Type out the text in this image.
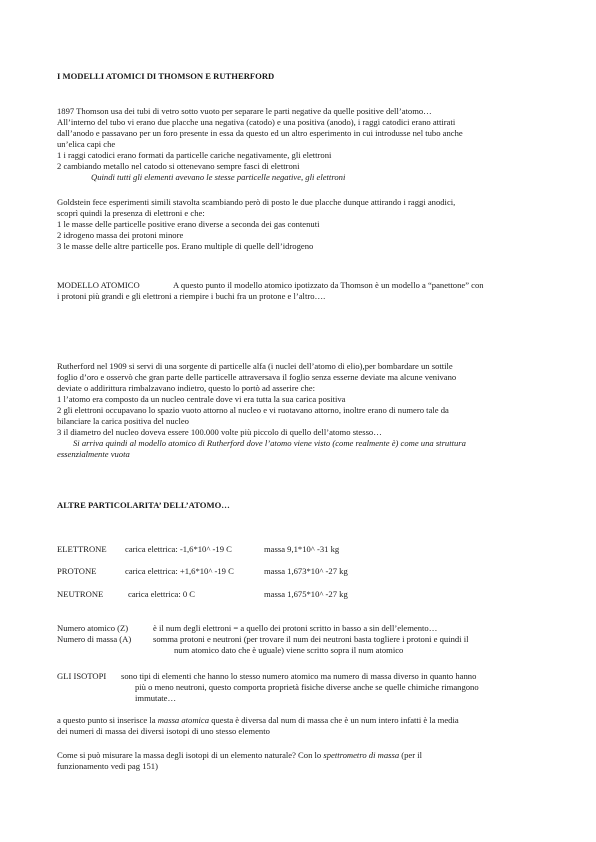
I MODELLI ATOMICI DI THOMSON E RUTHERFORD
1897 Thomson usa dei tubi di vetro sotto vuoto per separare le parti negative da quelle positive dell’atomo…
All’interno del tubo vi erano due placche una negativa (catodo) e una positiva (anodo), i raggi catodici erano attirati
dall’anodo e passavano per un foro presente in essa da questo ed un altro esperimento in cui introdusse nel tubo anche
un’elica capi che
1 i raggi catodici erano formati da particelle cariche negativamente, gli elettroni
2 cambiando metallo nel catodo si ottenevano sempre fasci di elettroni
Quindi tutti gli elementi avevano le stesse particelle negative, gli elettroni
Goldstein fece esperimenti simili stavolta scambiando però di posto le due placche dunque attirando i raggi anodici,
scoprì quindi la presenza di elettroni e che:
1 le masse delle particelle positive erano diverse a seconda dei gas contenuti
2 idrogeno massa dei protoni minore
3 le masse delle altre particelle pos. Erano multiple di quelle dell’idrogeno
MODELLO ATOMICO	A questo punto il modello atomico ipotizzato da Thomson è un modello a “panettone” con
i protoni più grandi e gli elettroni a riempire i buchi fra un protone e l’altro….
Rutherford nel 1909 si servi di una sorgente di particelle alfa (i nuclei dell’atomo di elio),per bombardare un sottile
foglio d’oro e osservò che gran parte delle particelle attraversava il foglio senza esserne deviate ma alcune venivano
deviate o addirittura rimbalzavano indietro, questo lo portò ad asserire che:
1 l’atomo era composto da un nucleo centrale dove vi era tutta la sua carica positiva
2 gli elettroni occupavano lo spazio vuoto attorno al nucleo e vi ruotavano attorno, inoltre erano di numero tale da
bilanciare la carica positiva del nucleo
3 il diametro del nucleo doveva essere 100.000 volte più piccolo di quello dell’atomo stesso…
Si arriva quindi al modello atomico di Rutherford dove l’atomo viene visto (come realmente è) come una struttura
essenzialmente vuota
ALTRE PARTICOLARITA’ DELL’ATOMO…
ELETTRONE carica elettrica: -1,6*10^ -19 C	massa 9,1*10^ -31 kg
PROTONE	carica elettrica: +1,6*10^ -19 C	massa 1,673*10^ -27 kg
NEUTRONE	carica elettrica: 0 C	massa 1,675*10^ -27 kg
Numero atomico (Z)	è il num degli elettroni = a quello dei protoni scritto in basso a sin dell’elemento…
Numero di massa (A)	somma protoni e neutroni (per trovare il num dei neutroni basta togliere i protoni e quindi il
num atomico dato che è uguale) viene scritto sopra il num atomico
GLI ISOTOPI sono tipi di elementi che hanno lo stesso numero atomico ma numero di massa diverso in quanto hanno
più o meno neutroni, questo comporta proprietà fisiche diverse anche se quelle chimiche rimangono
immutate…
a questo punto si inserisce la massa atomica questa è diversa dal num di massa che è un num intero infatti è la media
dei numeri di massa dei diversi isotopi di uno stesso elemento
Come si può misurare la massa degli isotopi di un elemento naturale? Con lo spettrometro di massa (per il
funzionamento vedi pag 151)
